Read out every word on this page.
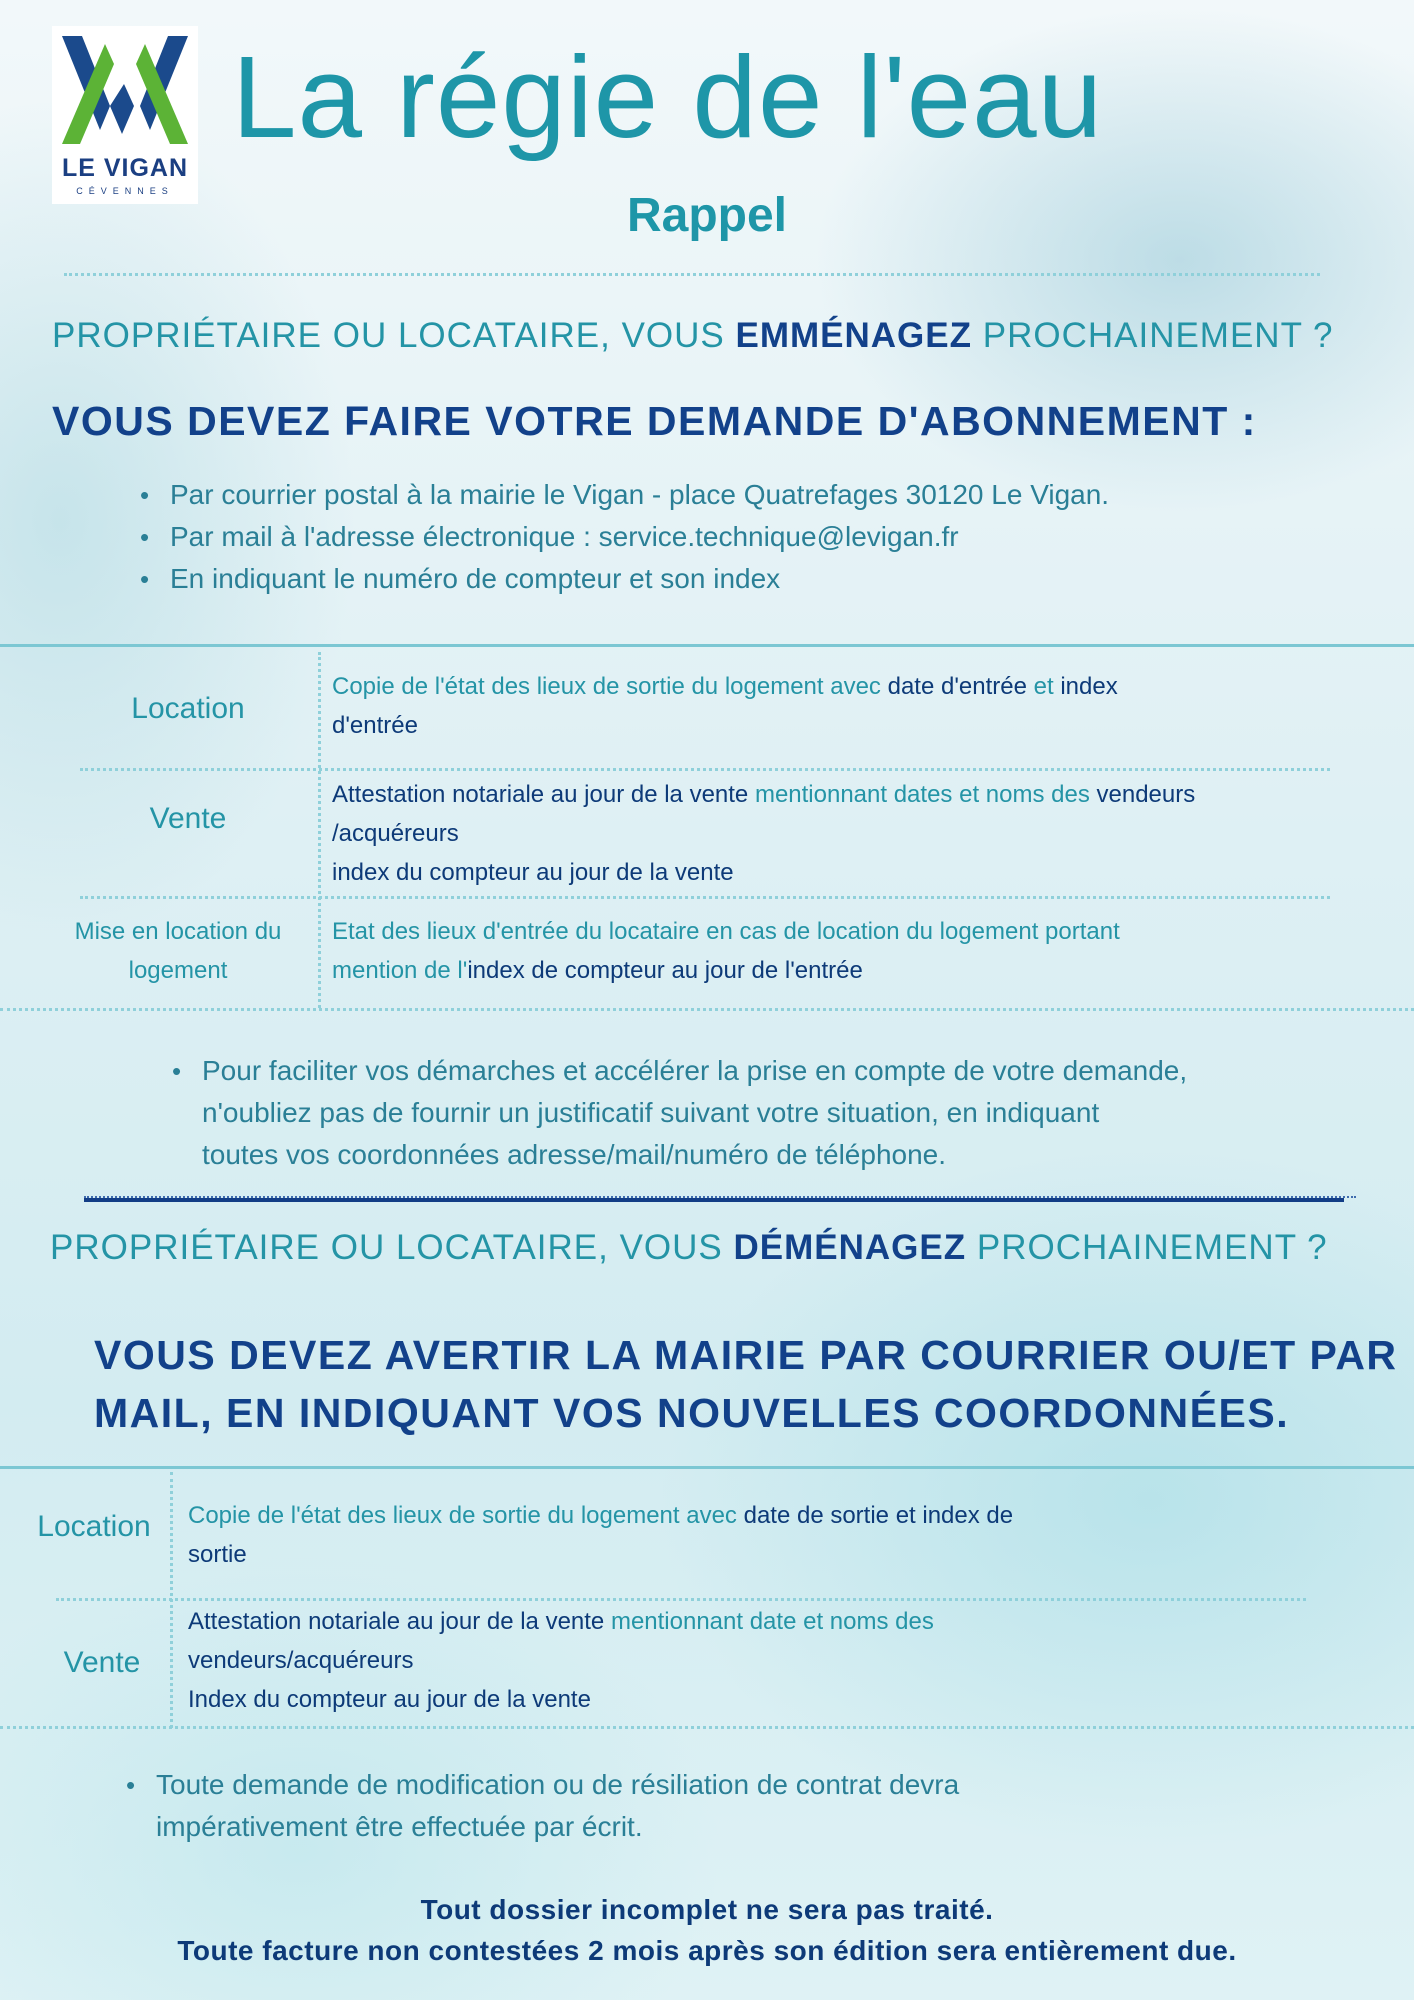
LE VIGAN
CÉVENNES
La régie de l'eau
Rappel
PROPRIÉTAIRE OU LOCATAIRE, VOUS EMMÉNAGEZ PROCHAINEMENT ?
VOUS DEVEZ FAIRE VOTRE DEMANDE D'ABONNEMENT :
• Par courrier postal à la mairie le Vigan - place Quatrefages 30120 Le Vigan.
• Par mail à l'adresse électronique : service.technique@levigan.fr
• En indiquant le numéro de compteur et son index
Location
Copie de l'état des lieux de sortie du logement avec date d'entrée et index
d'entrée
Vente
Attestation notariale au jour de la vente mentionnant dates et noms des vendeurs
/acquéreurs
index du compteur au jour de la vente
Mise en location du
logement
Etat des lieux d'entrée du locataire en cas de location du logement portant
mention de l'index de compteur au jour de l'entrée
• Pour faciliter vos démarches et accélérer la prise en compte de votre demande,
n'oubliez pas de fournir un justificatif suivant votre situation, en indiquant
toutes vos coordonnées adresse/mail/numéro de téléphone.
PROPRIÉTAIRE OU LOCATAIRE, VOUS DÉMÉNAGEZ PROCHAINEMENT ?
VOUS DEVEZ AVERTIR LA MAIRIE PAR COURRIER OU/ET PAR
MAIL, EN INDIQUANT VOS NOUVELLES COORDONNÉES.
Location	Copie de l'état des lieux de sortie du logement avec date de sortie et index de
sortie
Vente
Attestation notariale au jour de la vente mentionnant date et noms des
vendeurs/acquéreurs
Index du compteur au jour de la vente
• Toute demande de modification ou de résiliation de contrat devra
impérativement être effectuée par écrit.
Tout dossier incomplet ne sera pas traité.
Toute facture non contestées 2 mois après son édition sera entièrement due.
